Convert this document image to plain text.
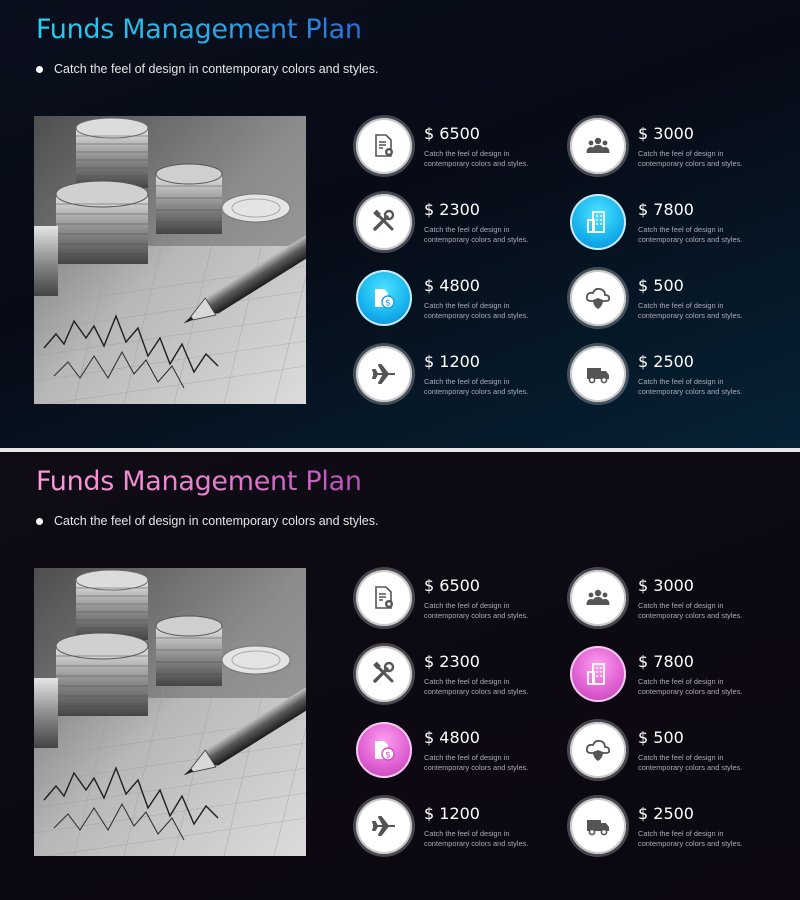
Funds Management Plan
Catch the feel of design in contemporary colors and styles.
$ 6500
Catch the feel of design in contemporary colors and styles.
$ 3000
Catch the feel of design in contemporary colors and styles.
$ 2300
Catch the feel of design in contemporary colors and styles.
$ 7800
Catch the feel of design in contemporary colors and styles.
$
$ 4800
Catch the feel of design in contemporary colors and styles.
$ 500
Catch the feel of design in contemporary colors and styles.
$ 1200
Catch the feel of design in contemporary colors and styles.
$ 2500
Catch the feel of design in contemporary colors and styles.
Funds Management Plan
Catch the feel of design in contemporary colors and styles.
$ 6500
Catch the feel of design in contemporary colors and styles.
$ 3000
Catch the feel of design in contemporary colors and styles.
$ 2300
Catch the feel of design in contemporary colors and styles.
$ 7800
Catch the feel of design in contemporary colors and styles.
$
$ 4800
Catch the feel of design in contemporary colors and styles.
$ 500
Catch the feel of design in contemporary colors and styles.
$ 1200
Catch the feel of design in contemporary colors and styles.
$ 2500
Catch the feel of design in contemporary colors and styles.
